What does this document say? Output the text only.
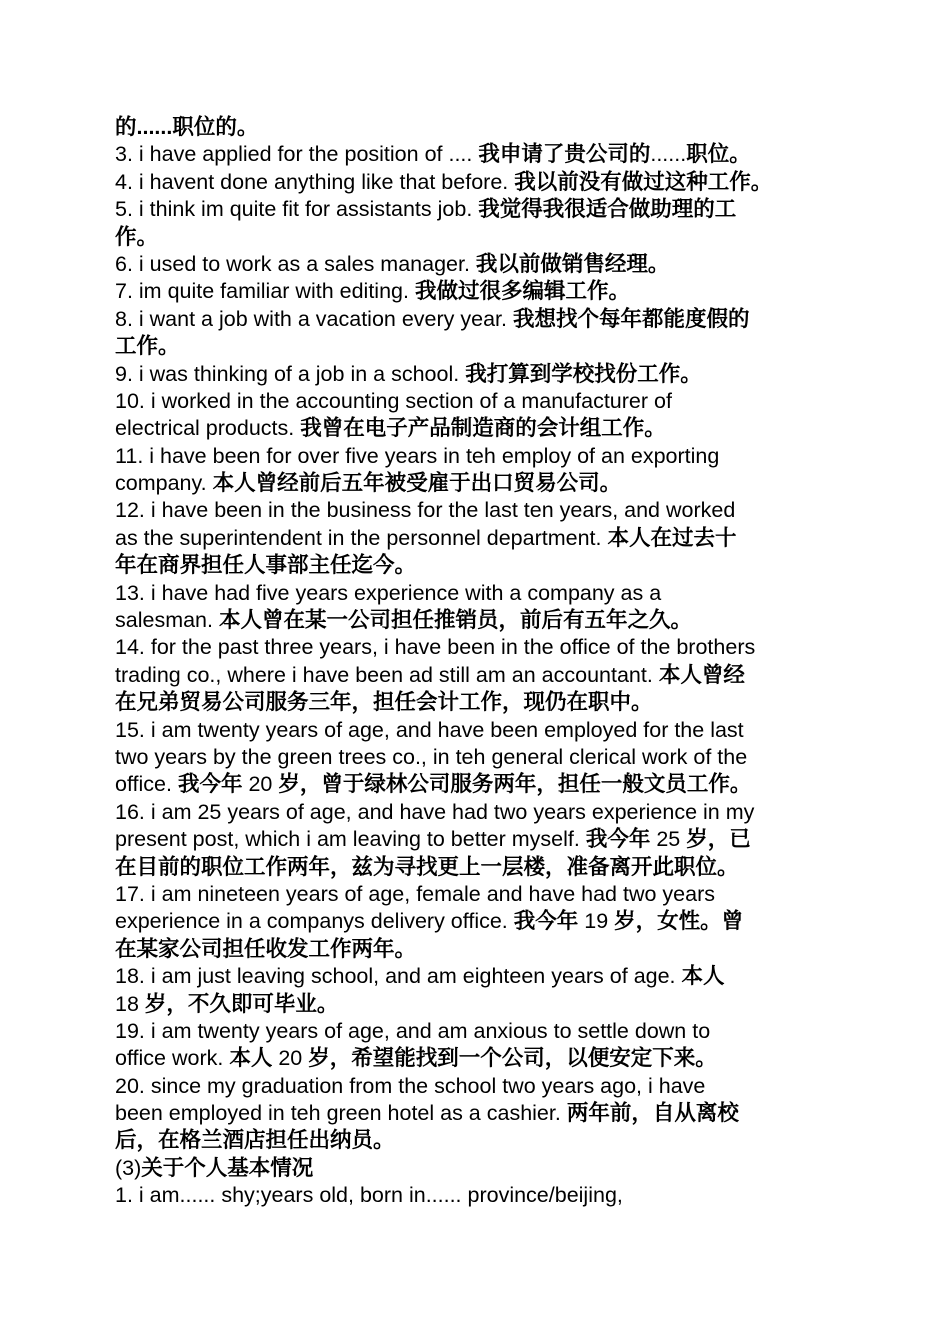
的......职位的。
3. i have applied for the position of .... 我申请了贵公司的......职位。
4. i havent done anything like that before. 我以前没有做过这种工作。
5. i think im quite fit for assistants job. 我觉得我很适合做助理的工
作。
6. i used to work as a sales manager. 我以前做销售经理。
7. im quite familiar with editing. 我做过很多编辑工作。
8. i want a job with a vacation every year. 我想找个每年都能度假的
工作。
9. i was thinking of a job in a school. 我打算到学校找份工作。
10. i worked in the accounting section of a manufacturer of
electrical products. 我曾在电子产品制造商的会计组工作。
11. i have been for over five years in teh employ of an exporting
company. 本人曾经前后五年被受雇于出口贸易公司。
12. i have been in the business for the last ten years, and worked
as the superintendent in the personnel department. 本人在过去十
年在商界担任人事部主任迄今。
13. i have had five years experience with a company as a
salesman. 本人曾在某一公司担任推销员，前后有五年之久。
14. for the past three years, i have been in the office of the brothers
trading co., where i have been ad still am an accountant. 本人曾经
在兄弟贸易公司服务三年，担任会计工作，现仍在职中。
15. i am twenty years of age, and have been employed for the last
two years by the green trees co., in teh general clerical work of the
office. 我今年 20 岁，曾于绿林公司服务两年，担任一般文员工作。
16. i am 25 years of age, and have had two years experience in my
present post, which i am leaving to better myself. 我今年 25 岁，已
在目前的职位工作两年，兹为寻找更上一层楼，准备离开此职位。
17. i am nineteen years of age, female and have had two years
experience in a companys delivery office. 我今年 19 岁，女性。曾
在某家公司担任收发工作两年。
18. i am just leaving school, and am eighteen years of age. 本人
18 岁，不久即可毕业。
19. i am twenty years of age, and am anxious to settle down to
office work. 本人 20 岁，希望能找到一个公司，以便安定下来。
20. since my graduation from the school two years ago, i have
been employed in teh green hotel as a cashier. 两年前，自从离校
后，在格兰酒店担任出纳员。
(3)关于个人基本情况
1. i am...... shy;years old, born in...... province/beijing,
